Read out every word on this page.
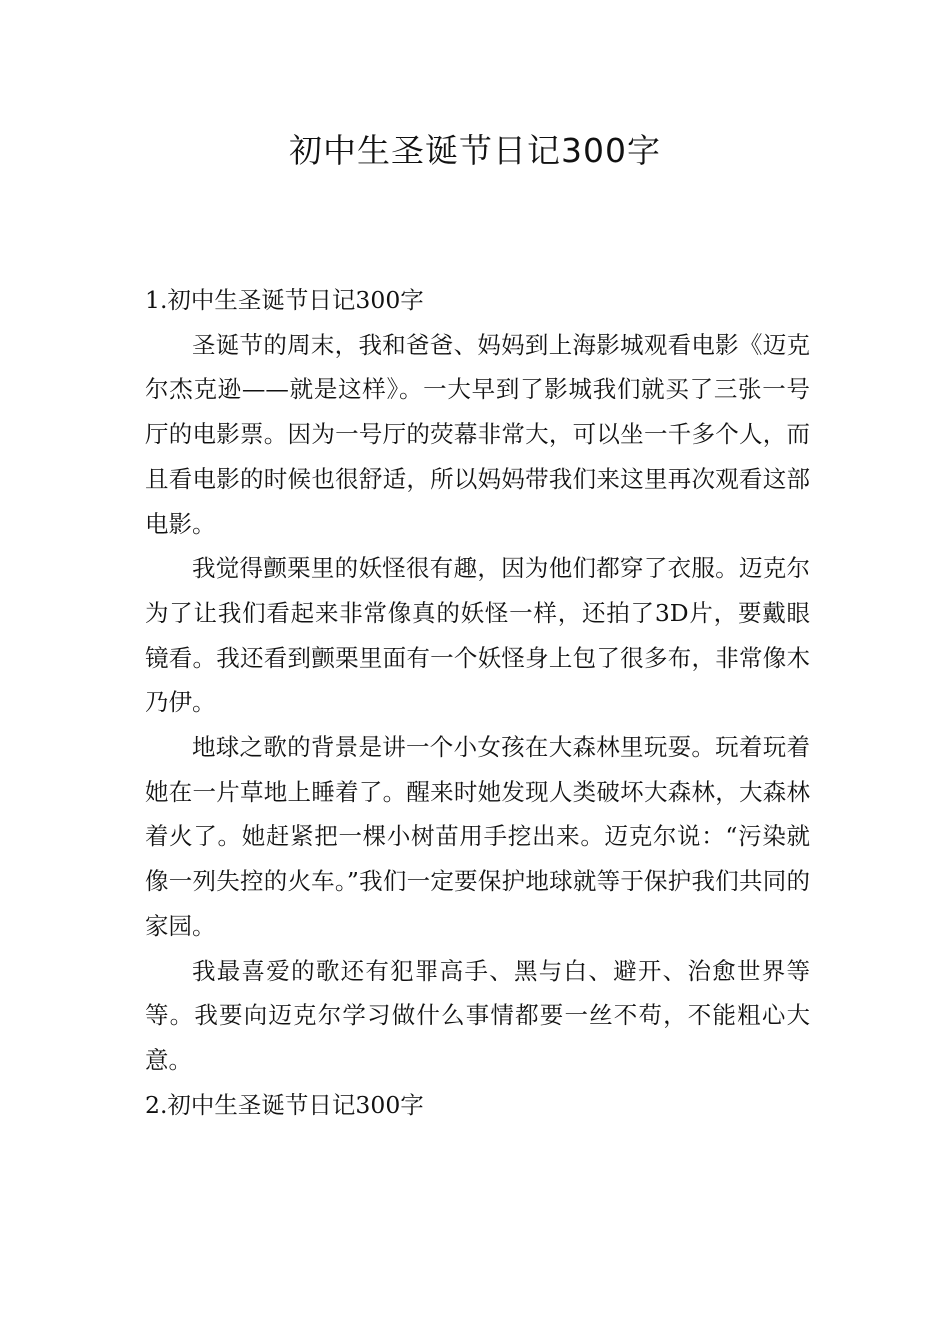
初中生圣诞节日记300字

1.初中生圣诞节日记300字

圣诞节的周末，我和爸爸、妈妈到上海影城观看电影《迈克尔杰克逊——就是这样》。一大早到了影城我们就买了三张一号厅的电影票。因为一号厅的荧幕非常大，可以坐一千多个人，而且看电影的时候也很舒适，所以妈妈带我们来这里再次观看这部电影。

我觉得颤栗里的妖怪很有趣，因为他们都穿了衣服。迈克尔为了让我们看起来非常像真的妖怪一样，还拍了3D片，要戴眼镜看。我还看到颤栗里面有一个妖怪身上包了很多布，非常像木乃伊。

地球之歌的背景是讲一个小女孩在大森林里玩耍。玩着玩着她在一片草地上睡着了。醒来时她发现人类破坏大森林，大森林着火了。她赶紧把一棵小树苗用手挖出来。迈克尔说：“污染就像一列失控的火车。”我们一定要保护地球就等于保护我们共同的家园。

我最喜爱的歌还有犯罪高手、黑与白、避开、治愈世界等等。我要向迈克尔学习做什么事情都要一丝不苟，不能粗心大意。

2.初中生圣诞节日记300字
